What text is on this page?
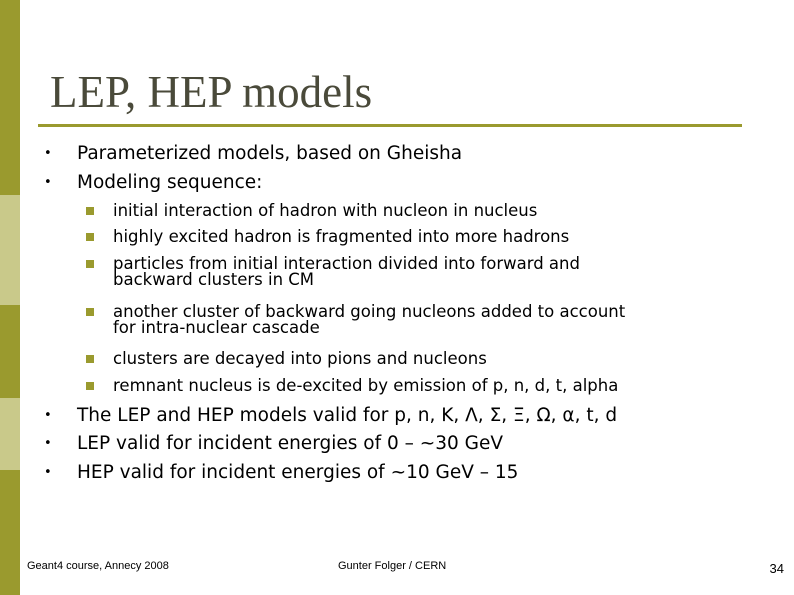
LEP, HEP models
• Parameterized models, based on Gheisha
• Modeling sequence:
initial interaction of hadron with nucleon in nucleus
highly excited hadron is fragmented into more hadrons
particles from initial interaction divided into forward and
backward clusters in CM
another cluster of backward going nucleons added to account
for intra-nuclear cascade
clusters are decayed into pions and nucleons
remnant nucleus is de-excited by emission of p, n, d, t, alpha
• The LEP and HEP models valid for p, n, Κ, Λ, Σ, Ξ, Ω, α, t, d
• LEP valid for incident energies of 0 – ~30 GeV
• HEP valid for incident energies of ~10 GeV – 15
Geant4 course, Annecy 2008	Gunter Folger / CERN	34
